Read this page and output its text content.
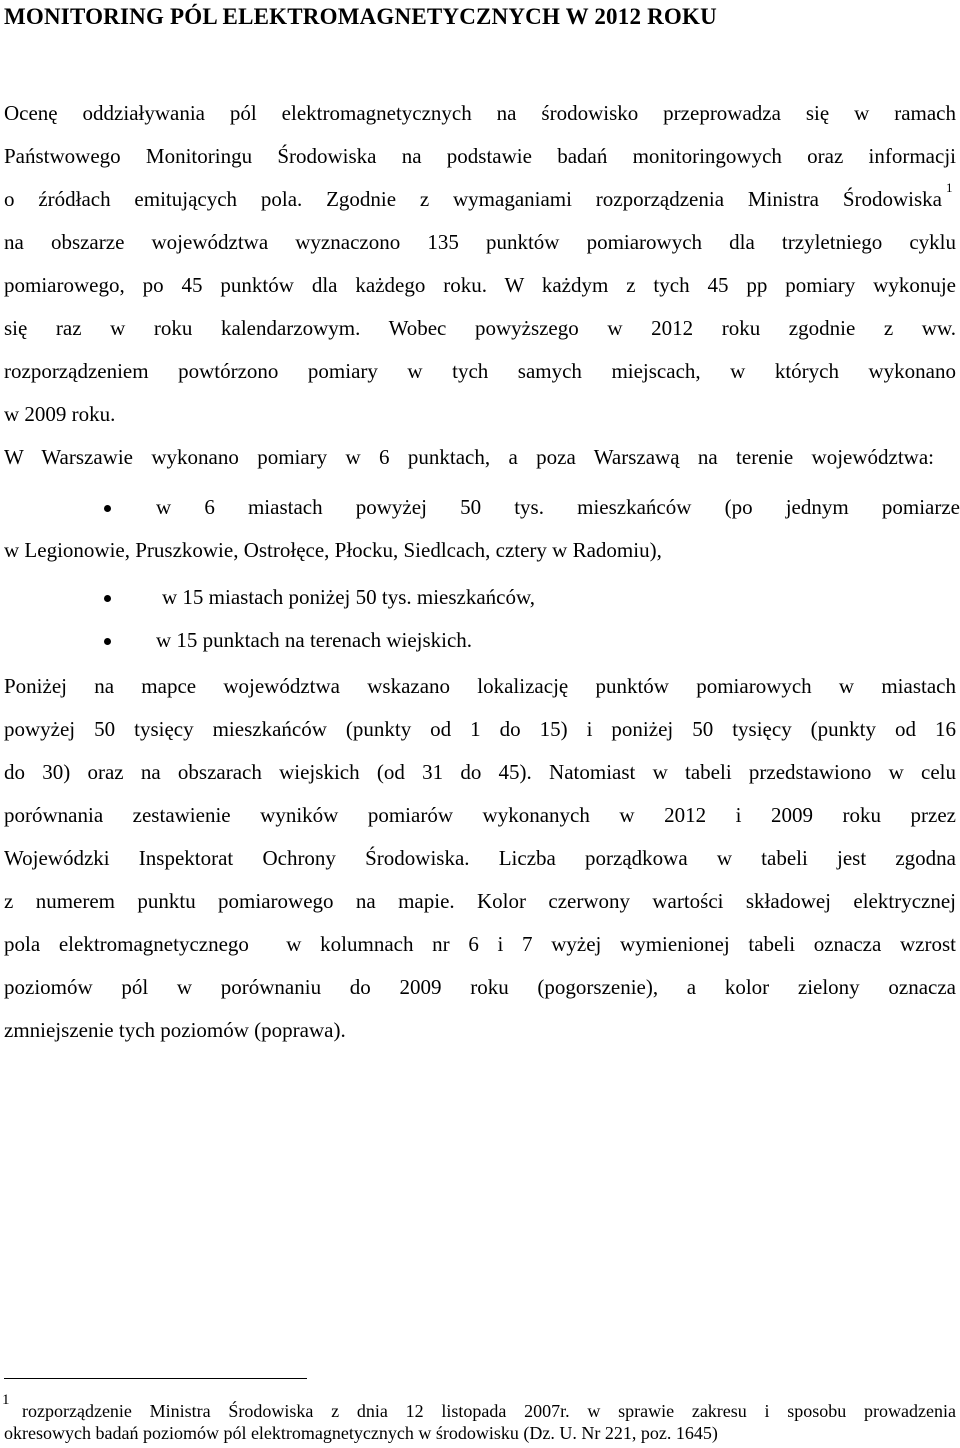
MONITORING PÓL ELEKTROMAGNETYCZNYCH W 2012 ROKU
Ocenę oddziaływania pól elektromagnetycznych na środowisko przeprowadza się w ramach
Państwowego Monitoringu Środowiska na podstawie badań monitoringowych oraz informacji
o źródłach emitujących pola. Zgodnie z wymaganiami rozporządzenia Ministra Środowiska 1
na obszarze województwa wyznaczono 135 punktów pomiarowych dla trzyletniego cyklu
pomiarowego, po 45 punktów dla każdego roku. W każdym z tych 45 pp pomiary wykonuje
się raz w roku kalendarzowym. Wobec powyższego w 2012 roku zgodnie z ww.
rozporządzeniem powtórzono pomiary w tych samych miejscach, w których wykonano
w 2009 roku.
W Warszawie wykonano pomiary w 6 punktach, a poza Warszawą na terenie województwa:
w 6 miastach powyżej 50 tys. mieszkańców (po jednym pomiarze
w Legionowie, Pruszkowie, Ostrołęce, Płocku, Siedlcach, cztery w Radomiu),
w 15 miastach poniżej 50 tys. mieszkańców,
w 15 punktach na terenach wiejskich.
Poniżej na mapce województwa wskazano lokalizację punktów pomiarowych w miastach
powyżej 50 tysięcy mieszkańców (punkty od 1 do 15) i poniżej 50 tysięcy (punkty od 16
do 30) oraz na obszarach wiejskich (od 31 do 45). Natomiast w tabeli przedstawiono w celu
porównania zestawienie wyników pomiarów wykonanych w 2012 i 2009 roku przez
Wojewódzki Inspektorat Ochrony Środowiska. Liczba porządkowa w tabeli jest zgodna
z numerem punktu pomiarowego na mapie. Kolor czerwony wartości składowej elektrycznej
pola elektromagnetycznego  w kolumnach nr 6 i 7 wyżej wymienionej tabeli oznacza wzrost
poziomów pól w porównaniu do 2009 roku (pogorszenie), a kolor zielony oznacza
zmniejszenie tych poziomów (poprawa).
1
rozporządzenie Ministra Środowiska z dnia 12 listopada 2007r. w sprawie zakresu i sposobu prowadzenia
okresowych badań poziomów pól elektromagnetycznych w środowisku (Dz. U. Nr 221, poz. 1645)
